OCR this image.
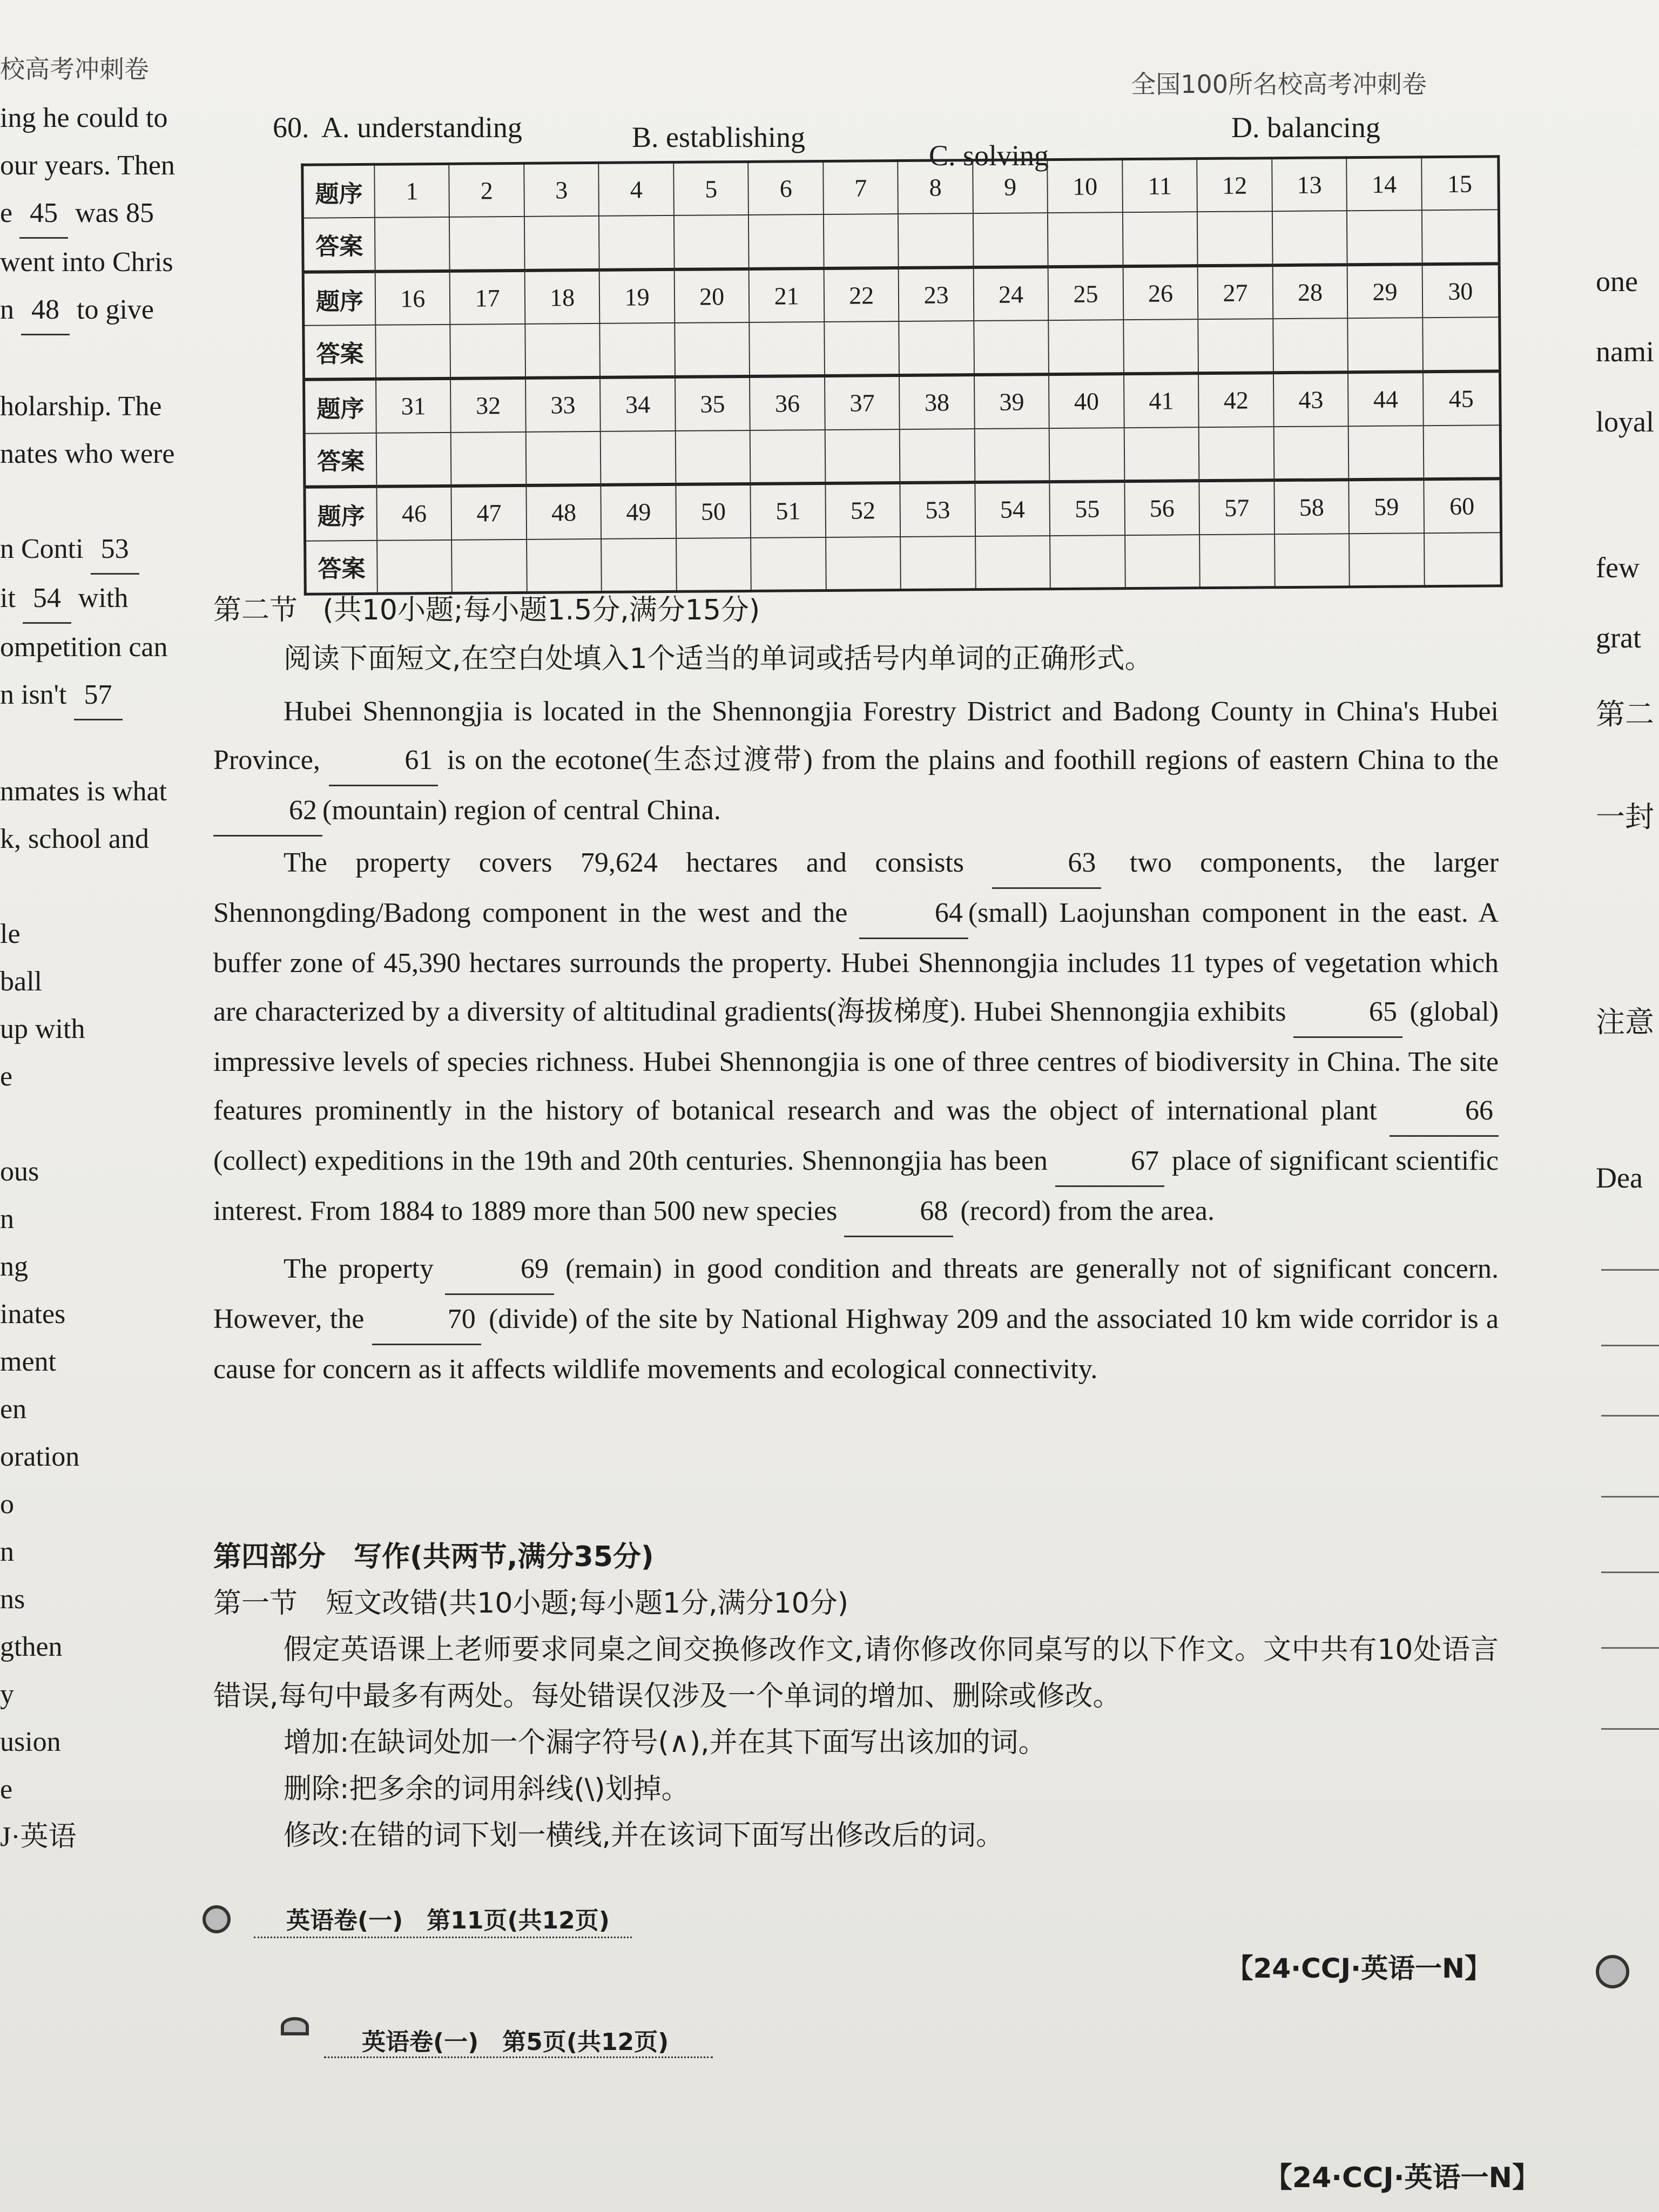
校高考冲刺卷
全国100所名校高考冲刺卷
ing he could to
our years. Then
e 45 was 85
went into Chris
n 48 to give

holarship. The
nates who were

n Conti 53
it 54 with
ompetition can
n isn't 57

nmates is what
k, school and

le
ball
up with
e

ous
n
ng
inates
ment
en
oration
o
n
ns
gthen
y
usion
e
J·英语
one
nami
loyal
few
grat
第二
一封
注意
Dea
60. A. understanding	B. establishing
C. solving
D. balancing
题序	1	2	3	4	5	6	7	8	9	10	11	12	13	14	15
答案															
题序	16	17	18	19	20	21	22	23	24	25	26	27	28	29	30
答案															
题序	31	32	33	34	35	36	37	38	39	40	41	42	43	44	45
答案															
题序	46	47	48	49	50	51	52	53	54	55	56	57	58	59	60
答案															

第二节 (共10小题;每小题1.5分,满分15分)

阅读下面短文,在空白处填入1个适当的单词或括号内单词的正确形式。

Hubei Shennongjia is located in the Shennongjia Forestry District and Badong County in China's Hubei Province,	61 is on the ecotone(生态过渡带) from the plains and foothill regions of eastern China to the 62 (mountain) region of central China.

The property covers 79,624 hectares and consists	63 two components, the larger Shennongding/Badong component in the west and the	64 (small) Laojunshan component in the east. A buffer zone of 45,390 hectares surrounds the property. Hubei Shennongjia includes 11 types of vegetation which are characterized by a diversity of altitudinal gradients(海拔梯度). Hubei Shennongjia exhibits	65 (global) impressive levels of species richness. Hubei Shennongjia is one of three centres of biodiversity in China. The site features prominently in the history of botanical research and was the object of international plant	66 (collect) expeditions in the 19th and 20th centuries. Shennongjia has been	67 place of significant scientific interest. From 1884 to 1889 more than 500 new species	68 (record) from the area.

The property	69 (remain) in good condition and threats are generally not of significant concern. However, the	70 (divide) of the site by National Highway 209 and the associated 10 km wide corridor is a cause for concern as it affects wildlife movements and ecological connectivity.

第四部分　写作(共两节,满分35分)

第一节　短文改错(共10小题;每小题1分,满分10分)

假定英语课上老师要求同桌之间交换修改作文,请你修改你同桌写的以下作文。文中共有10处语言错误,每句中最多有两处。每处错误仅涉及一个单词的增加、删除或修改。

增加:在缺词处加一个漏字符号(∧),并在其下面写出该加的词。

删除:把多余的词用斜线(\)划掉。

修改:在错的词下划一横线,并在该词下面写出修改后的词。

英语卷(一)　第11页(共12页)
【24·CCJ·英语一N】
英语卷(一)　第5页(共12页)
【24·CCJ·英语一N】
